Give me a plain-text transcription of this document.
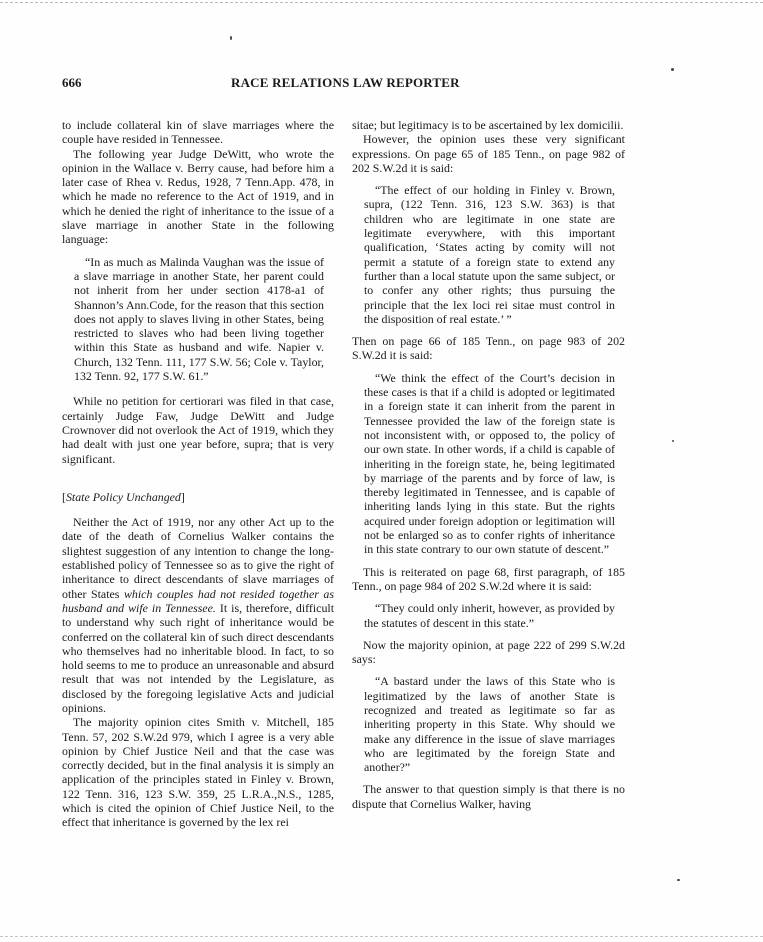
666	RACE RELATIONS LAW REPORTER

to include collateral kin of slave marriages where the couple have resided in Tennessee.

The following year Judge DeWitt, who wrote the opinion in the Wallace v. Berry cause, had before him a later case of Rhea v. Redus, 1928, 7 Tenn.App. 478, in which he made no reference to the Act of 1919, and in which he denied the right of inheritance to the issue of a slave marriage in another State in the following language:

“In as much as Malinda Vaughan was the issue of a slave marriage in another State, her parent could not inherit from her under section 4178-a1 of Shannon’s Ann.Code, for the reason that this section does not apply to slaves living in other States, being restricted to slaves who had been living together within this State as husband and wife. Napier v. Church, 132 Tenn. 111, 177 S.W. 56; Cole v. Taylor, 132 Tenn. 92, 177 S.W. 61.”

While no petition for certiorari was filed in that case, certainly Judge Faw, Judge DeWitt and Judge Crownover did not overlook the Act of 1919, which they had dealt with just one year before, supra; that is very significant.

[State Policy Unchanged]

Neither the Act of 1919, nor any other Act up to the date of the death of Cornelius Walker contains the slightest suggestion of any intention to change the long-established policy of Tennessee so as to give the right of inheritance to direct descendants of slave marriages of other States which couples had not resided together as husband and wife in Tennessee. It is, therefore, difficult to understand why such right of inheritance would be conferred on the collateral kin of such direct descendants who themselves had no inheritable blood. In fact, to so hold seems to me to produce an unreasonable and absurd result that was not intended by the Legislature, as disclosed by the foregoing legislative Acts and judicial opinions.

The majority opinion cites Smith v. Mitchell, 185 Tenn. 57, 202 S.W.2d 979, which I agree is a very able opinion by Chief Justice Neil and that the case was correctly decided, but in the final analysis it is simply an application of the principles stated in Finley v. Brown, 122 Tenn. 316, 123 S.W. 359, 25 L.R.A.,N.S., 1285, which is cited the opinion of Chief Justice Neil, to the effect that inheritance is governed by the lex rei

sitae; but legitimacy is to be ascertained by lex domicilii.

However, the opinion uses these very significant expressions. On page 65 of 185 Tenn., on page 982 of 202 S.W.2d it is said:

“The effect of our holding in Finley v. Brown, supra, (122 Tenn. 316, 123 S.W. 363) is that children who are legitimate in one state are legitimate everywhere, with this important qualification, ‘States acting by comity will not permit a statute of a foreign state to extend any further than a local statute upon the same subject, or to confer any other rights; thus pursuing the principle that the lex loci rei sitae must control in the disposition of real estate.’ ”

Then on page 66 of 185 Tenn., on page 983 of 202 S.W.2d it is said:

“We think the effect of the Court’s decision in these cases is that if a child is adopted or legitimated in a foreign state it can inherit from the parent in Tennessee provided the law of the foreign state is not inconsistent with, or opposed to, the policy of our own state. In other words, if a child is capable of inheriting in the foreign state, he, being legitimated by marriage of the parents and by force of law, is thereby legitimated in Tennessee, and is capable of inheriting lands lying in this state. But the rights acquired under foreign adoption or legitimation will not be enlarged so as to confer rights of inheritance in this state contrary to our own statute of descent.”

This is reiterated on page 68, first paragraph, of 185 Tenn., on page 984 of 202 S.W.2d where it is said:

“They could only inherit, however, as provided by the statutes of descent in this state.”

Now the majority opinion, at page 222 of 299 S.W.2d says:

“A bastard under the laws of this State who is legitimatized by the laws of another State is recognized and treated as legitimate so far as inheriting property in this State. Why should we make any difference in the issue of slave marriages who are legitimated by the foreign State and another?”

The answer to that question simply is that there is no dispute that Cornelius Walker, having
